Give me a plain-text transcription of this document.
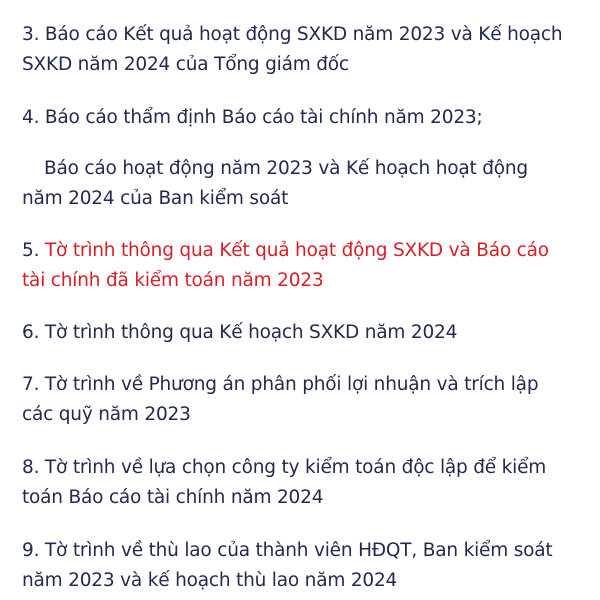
3. Báo cáo Kết quả hoạt động SXKD năm 2023 và Kế hoạch
SXKD năm 2024 của Tổng giám đốc

4. Báo cáo thẩm định Báo cáo tài chính năm 2023;

Báo cáo hoạt động năm 2023 và Kế hoạch hoạt động
năm 2024 của Ban kiểm soát

5. Tờ trình thông qua Kết quả hoạt động SXKD và Báo cáo
tài chính đã kiểm toán năm 2023

6. Tờ trình thông qua Kế hoạch SXKD năm 2024

7. Tờ trình về Phương án phân phối lợi nhuận và trích lập
các quỹ năm 2023

8. Tờ trình về lựa chọn công ty kiểm toán độc lập để kiểm
toán Báo cáo tài chính năm 2024

9. Tờ trình về thù lao của thành viên HĐQT, Ban kiểm soát
năm 2023 và kế hoạch thù lao năm 2024
